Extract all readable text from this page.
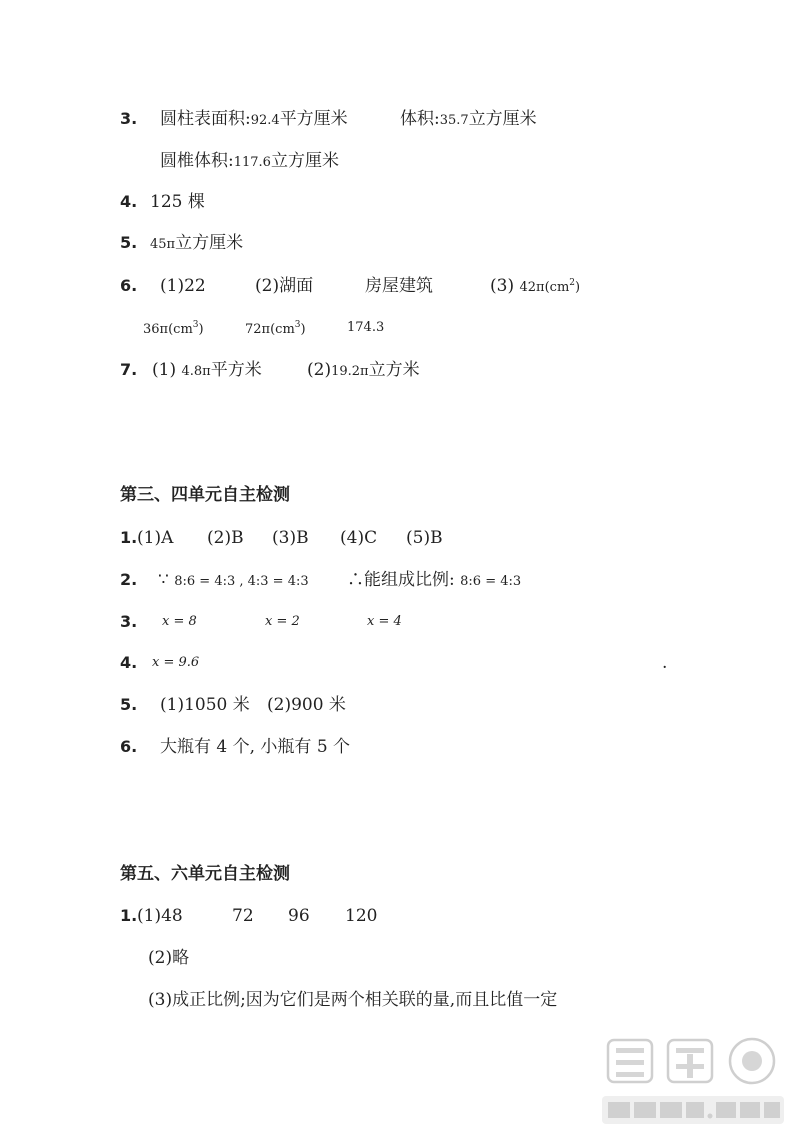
3. 圆柱表面积:92.4平方厘米	体积:35.7立方厘米
圆椎体积:117.6立方厘米
4. 125 棵
5. 45π立方厘米
6. (1)22	(2)湖面	房屋建筑	(3) $42\pi(cm^2)$
$36\pi(cm^3)$	$72\pi(cm^3)$	174.3
7. (1) 4.8π平方米	(2)19.2π立方米
第三、四单元自主检测
1. (1)A (2)B (3)B (4)C (5)B
2. ∵ 8:6 = 4:3 , 4:3 = 4:3 ∴能组成比例: 8:6 = 4:3
3. x = 8	x = 2	x = 4
4. x = 9.6	.
5. (1)1050 米 (2)900 米
6. 大瓶有 4 个, 小瓶有 5 个
第五、六单元自主检测
1. (1)48	72 96 120
(2)略
(3)成正比例;因为它们是两个相关联的量,而且比值一定
